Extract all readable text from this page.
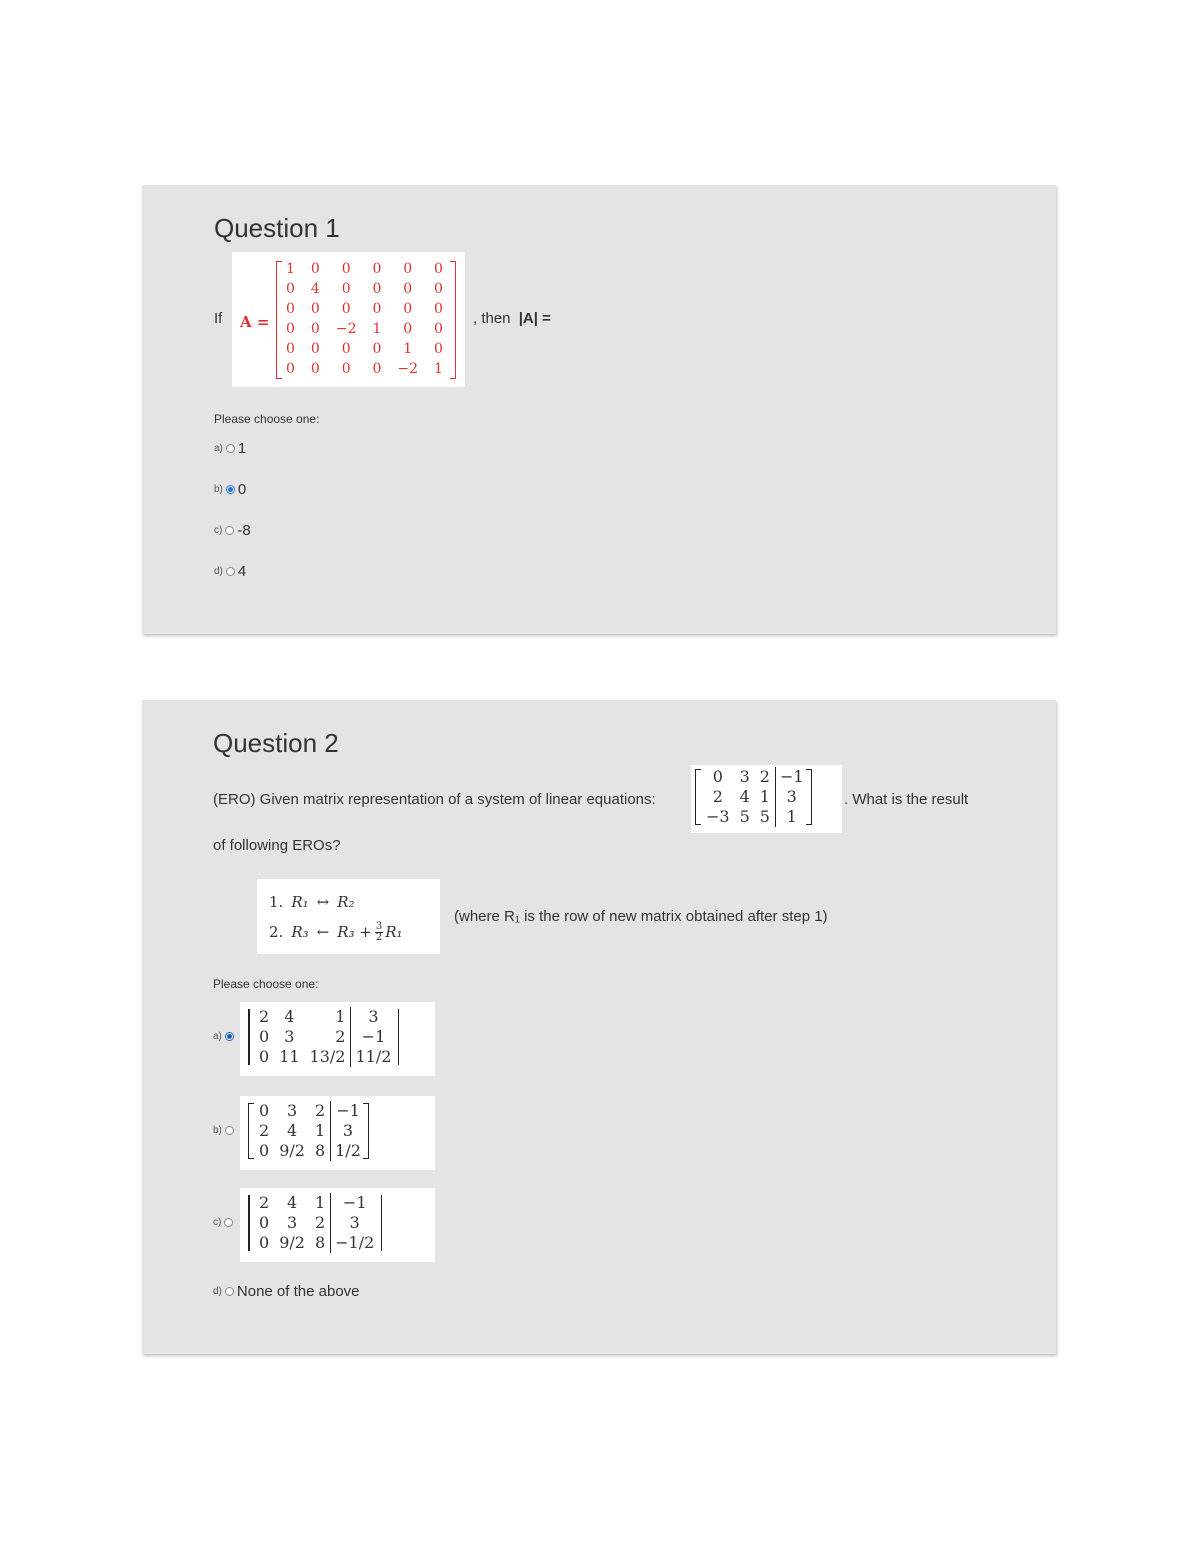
Question 1
If A =
1	0	0	0	0	0
0	4	0	0	0	0
0	0	0	0	0	0
0	0	−2	1	0	0
0	0	0	0	1	0
0	0	0	0	−2	1
, then |A| =
Please choose one:
a) 1
b) 0
c) -8
d) 4
Question 2
(ERO) Given matrix representation of a system of linear equations:
0	3	2	−1
2	4	1	3
−3	5	5	1
. What is the result
of following EROs?
1. R₁ ↔ R₂
2. R₃ ← $R_3 + \frac{3}{2} R_1$
(where R₁ is the row of new matrix obtained after step 1)
Please choose one:
a)
2	4	1	3
0	3	2	−1
0	11	13/2	11/2
b)
0	3	2	−1
2	4	1	3
0	9/2	8	1/2
c)
2	4	1	−1
0	3	2	3
0	9/2	8	−1/2
d) None of the above
